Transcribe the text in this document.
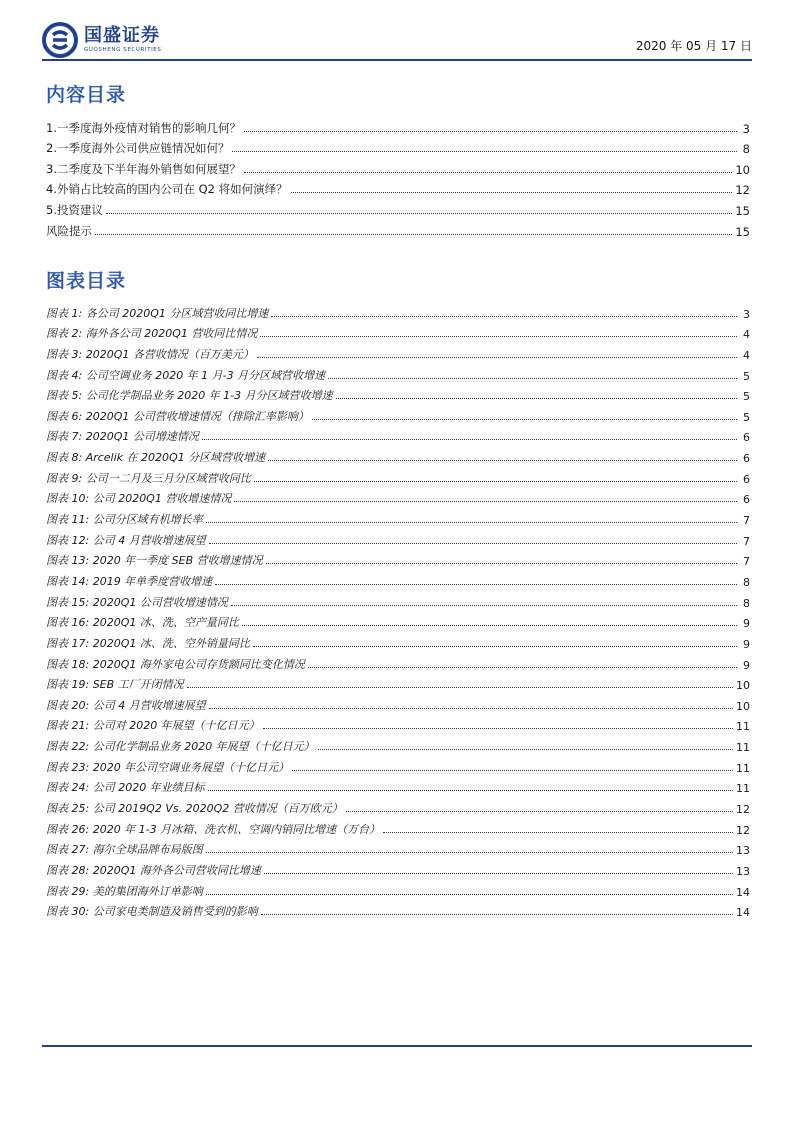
国盛证券
GUOSHENG SECURITIES	2020 年 05 月 17 日
内容目录
1.一季度海外疫情对销售的影响几何？	3
2.一季度海外公司供应链情况如何？	8
3.二季度及下半年海外销售如何展望？	10
4.外销占比较高的国内公司在 Q2 将如何演绎？	12
5.投资建议	15
风险提示	15
图表目录
图表 1: 各公司 2020Q1 分区域营收同比增速	3
图表 2: 海外各公司 2020Q1 营收同比情况	4
图表 3: 2020Q1 各营收情况（百万美元）	4
图表 4: 公司空调业务 2020 年 1 月-3 月分区域营收增速	5
图表 5: 公司化学制品业务 2020 年 1-3 月分区域营收增速	5
图表 6: 2020Q1 公司营收增速情况（排除汇率影响）	5
图表 7: 2020Q1 公司增速情况	6
图表 8: Arcelik 在 2020Q1 分区域营收增速	6
图表 9: 公司一二月及三月分区域营收同比	6
图表 10: 公司 2020Q1 营收增速情况	6
图表 11: 公司分区域有机增长率	7
图表 12: 公司 4 月营收增速展望	7
图表 13: 2020 年一季度 SEB 营收增速情况	7
图表 14: 2019 年单季度营收增速	8
图表 15: 2020Q1 公司营收增速情况	8
图表 16: 2020Q1 冰、洗、空产量同比	9
图表 17: 2020Q1 冰、洗、空外销量同比	9
图表 18: 2020Q1 海外家电公司存货额同比变化情况	9
图表 19: SEB 工厂开闭情况	10
图表 20: 公司 4 月营收增速展望	10
图表 21: 公司对 2020 年展望（十亿日元）	11
图表 22: 公司化学制品业务 2020 年展望（十亿日元）	11
图表 23: 2020 年公司空调业务展望（十亿日元）	11
图表 24: 公司 2020 年业绩目标	11
图表 25: 公司 2019Q2 Vs. 2020Q2 营收情况（百万欧元）	12
图表 26: 2020 年 1-3 月冰箱、洗衣机、空调内销同比增速（万台）	12
图表 27: 海尔全球品牌布局版图	13
图表 28: 2020Q1 海外各公司营收同比增速	13
图表 29: 美的集团海外订单影响	14
图表 30: 公司家电类制造及销售受到的影响	14
